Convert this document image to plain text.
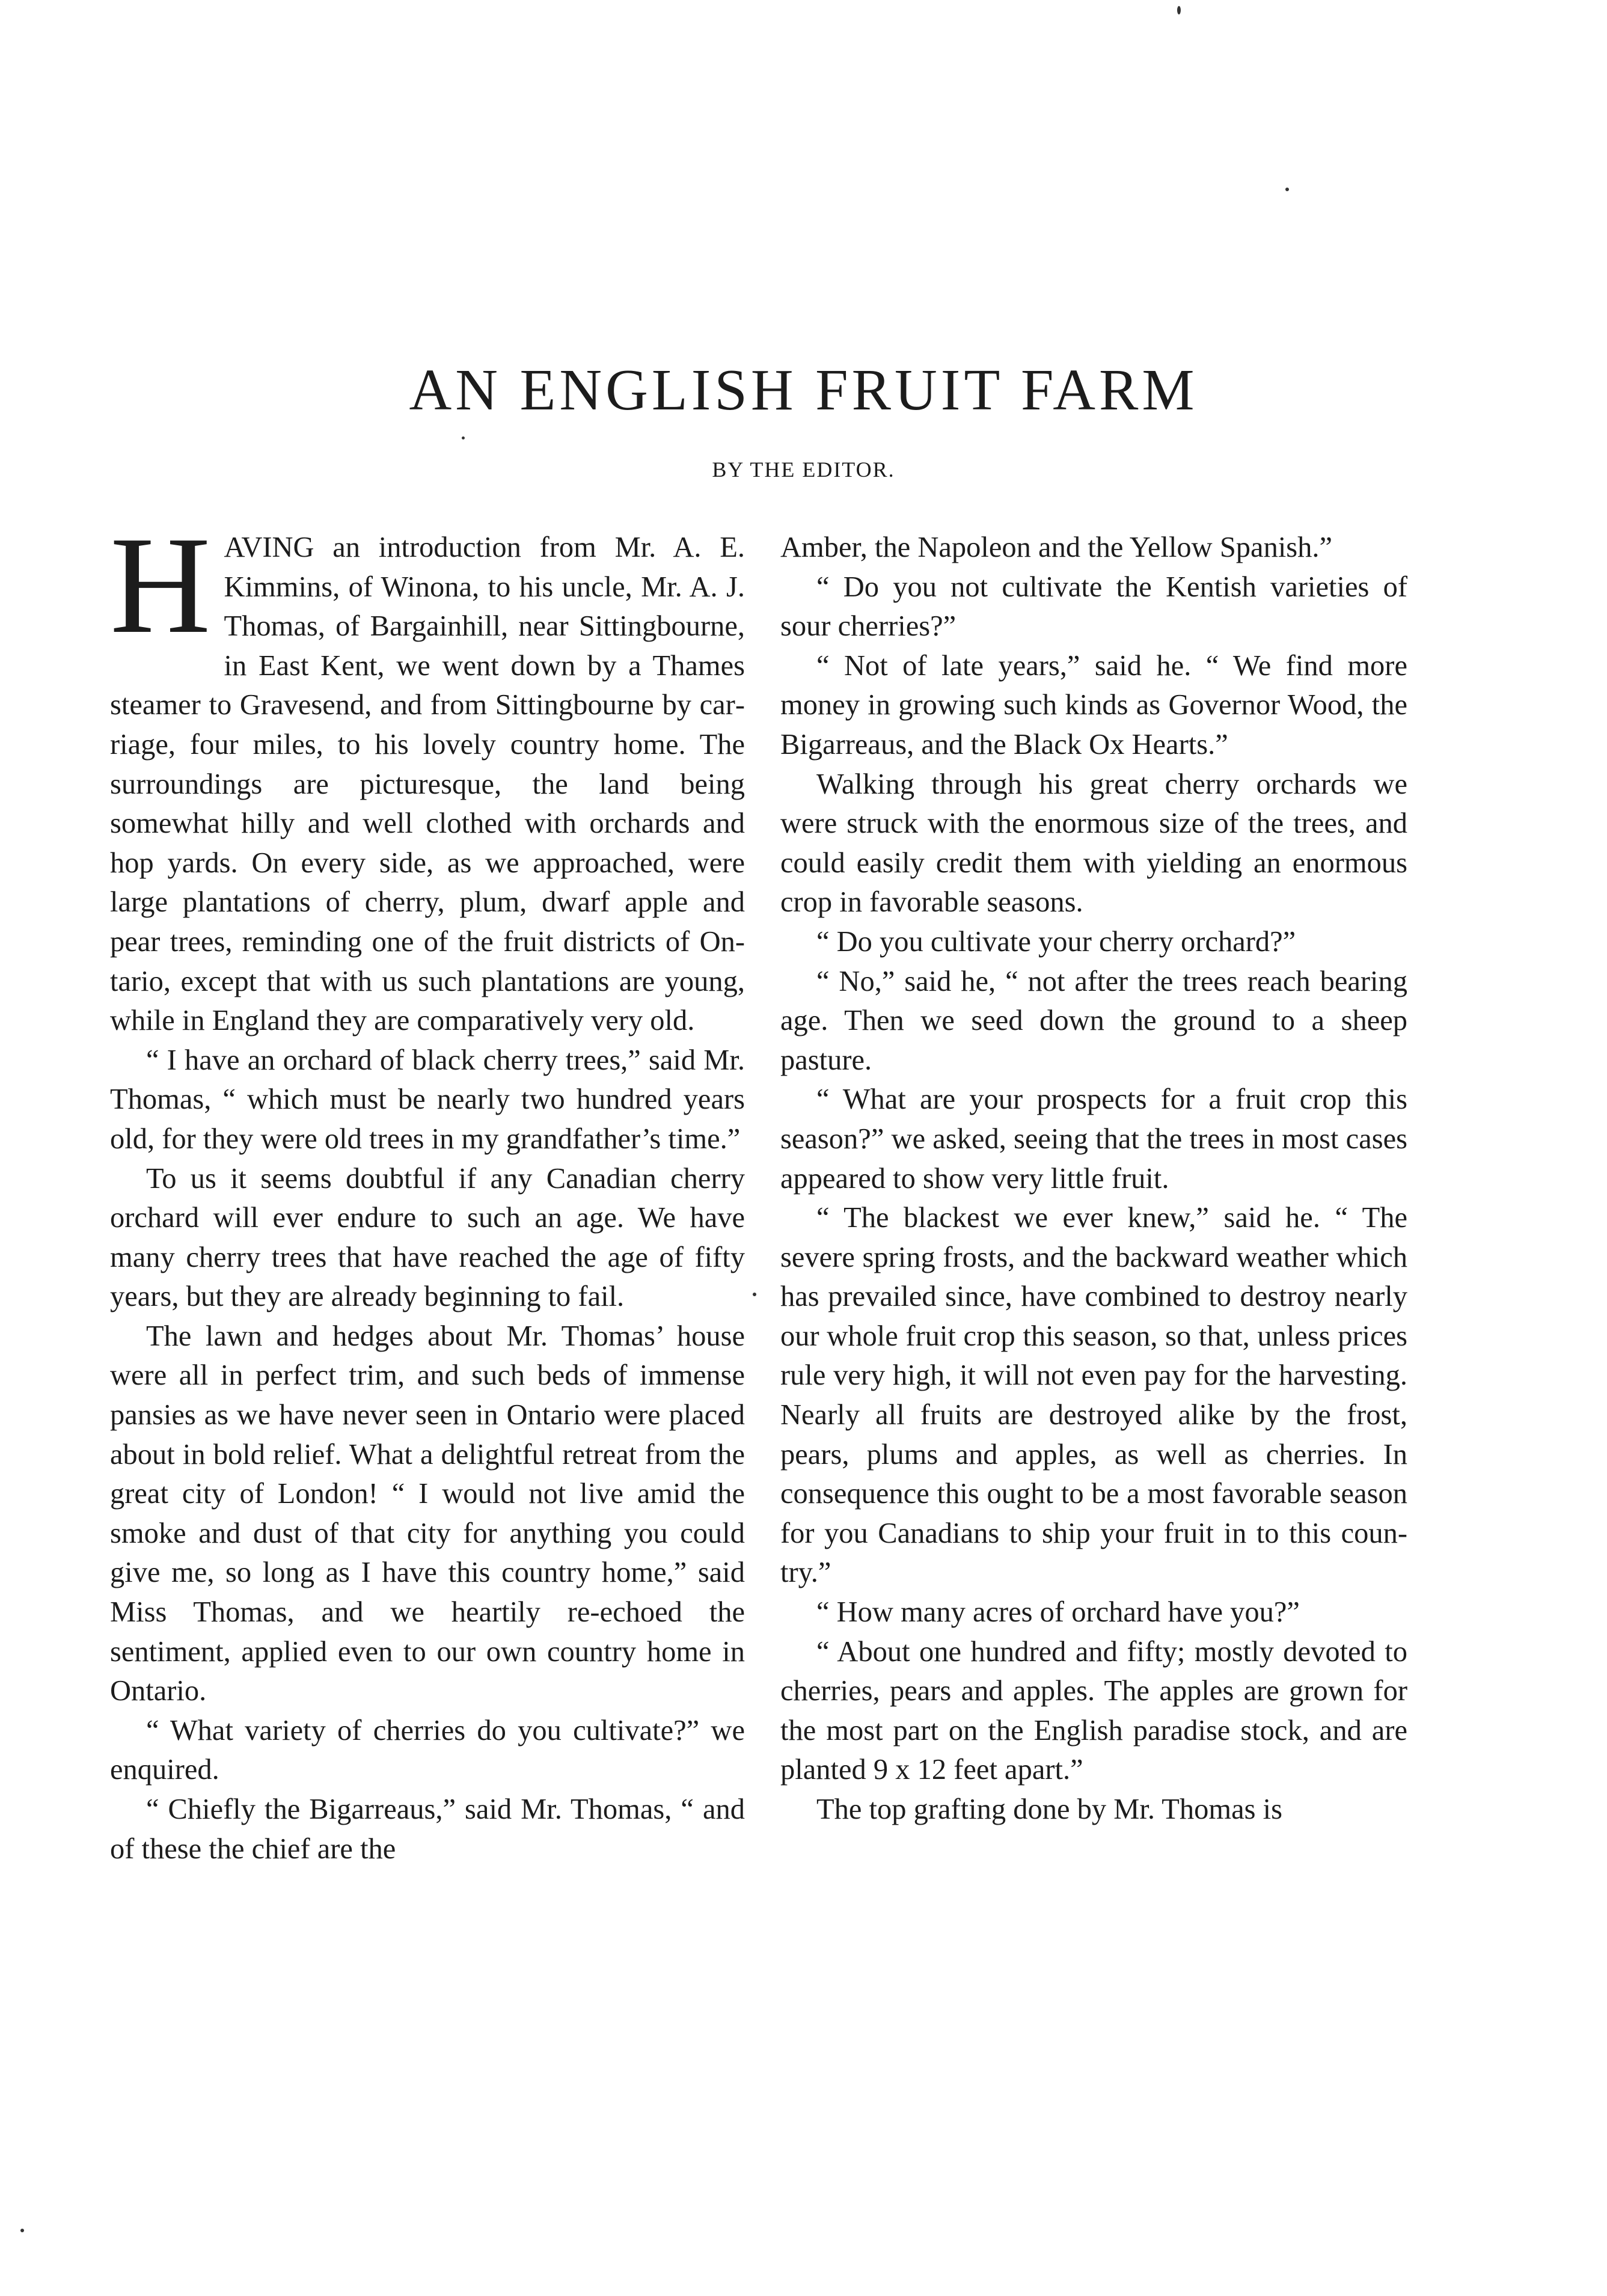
AN ENGLISH FRUIT FARM
BY THE EDITOR.

HAVING an introduction from Mr. A. E. Kimmins, of Winona, to his uncle, Mr. A. J. Thomas, of Bargainhill, near Sittingbourne, in East Kent, we went down by a Thames steamer to Gravesend, and from Sittingbourne by carriage, four miles, to his lovely country home. The surroundings are picturesque, the land being somewhat hilly and well clothed with orchards and hop yards. On every side, as we approached, were large plantations of cherry, plum, dwarf apple and pear trees, reminding one of the fruit districts of Ontario, except that with us such plantations are young, while in England they are comparatively very old.

“ I have an orchard of black cherry trees,” said Mr. Thomas, “ which must be nearly two hundred years old, for they were old trees in my grandfather’s time.”

To us it seems doubtful if any Canadian cherry orchard will ever endure to such an age. We have many cherry trees that have reached the age of fifty years, but they are already beginning to fail.

The lawn and hedges about Mr. Thomas’ house were all in perfect trim, and such beds of immense pansies as we have never seen in Ontario were placed about in bold relief. What a delightful retreat from the great city of London! “ I would not live amid the smoke and dust of that city for anything you could give me, so long as I have this country home,” said Miss Thomas, and we heartily re-echoed the sentiment, applied even to our own country home in Ontario.

“ What variety of cherries do you cultivate?” we enquired.

“ Chiefly the Bigarreaus,” said Mr. Thomas, “ and of these the chief are the

Amber, the Napoleon and the Yellow Spanish.”

“ Do you not cultivate the Kentish varieties of sour cherries?”

“ Not of late years,” said he. “ We find more money in growing such kinds as Governor Wood, the Bigarreaus, and the Black Ox Hearts.”

Walking through his great cherry orchards we were struck with the enormous size of the trees, and could easily credit them with yielding an enormous crop in favorable seasons.

“ Do you cultivate your cherry orchard?”

“ No,” said he, “ not after the trees reach bearing age. Then we seed down the ground to a sheep pasture.

“ What are your prospects for a fruit crop this season?” we asked, seeing that the trees in most cases appeared to show very little fruit.

“ The blackest we ever knew,” said he. “ The severe spring frosts, and the backward weather which has prevailed since, have combined to destroy nearly our whole fruit crop this season, so that, unless prices rule very high, it will not even pay for the harvesting. Nearly all fruits are destroyed alike by the frost, pears, plums and apples, as well as cherries. In consequence this ought to be a most favorable season for you Canadians to ship your fruit in to this country.”

“ How many acres of orchard have you?”

“ About one hundred and fifty; mostly devoted to cherries, pears and apples. The apples are grown for the most part on the English paradise stock, and are planted 9 x 12 feet apart.”

The top grafting done by Mr. Thomas is
